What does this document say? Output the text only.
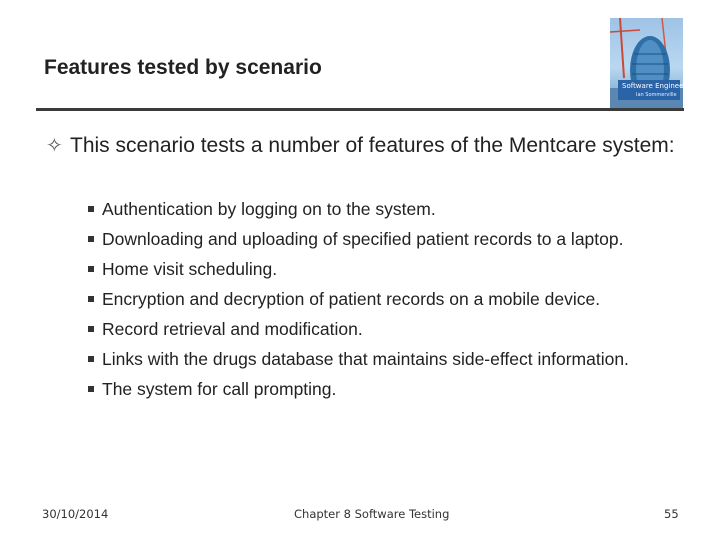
Features tested by scenario
Software Engineering
Ian Sommerville
✧ This scenario tests a number of features of the Mentcare system:
Authentication by logging on to the system.
Downloading and uploading of specified patient records to a laptop.
Home visit scheduling.
Encryption and decryption of patient records on a mobile device.
Record retrieval and modification.
Links with the drugs database that maintains side-effect information.
The system for call prompting.
30/10/2014	Chapter 8 Software Testing	55
